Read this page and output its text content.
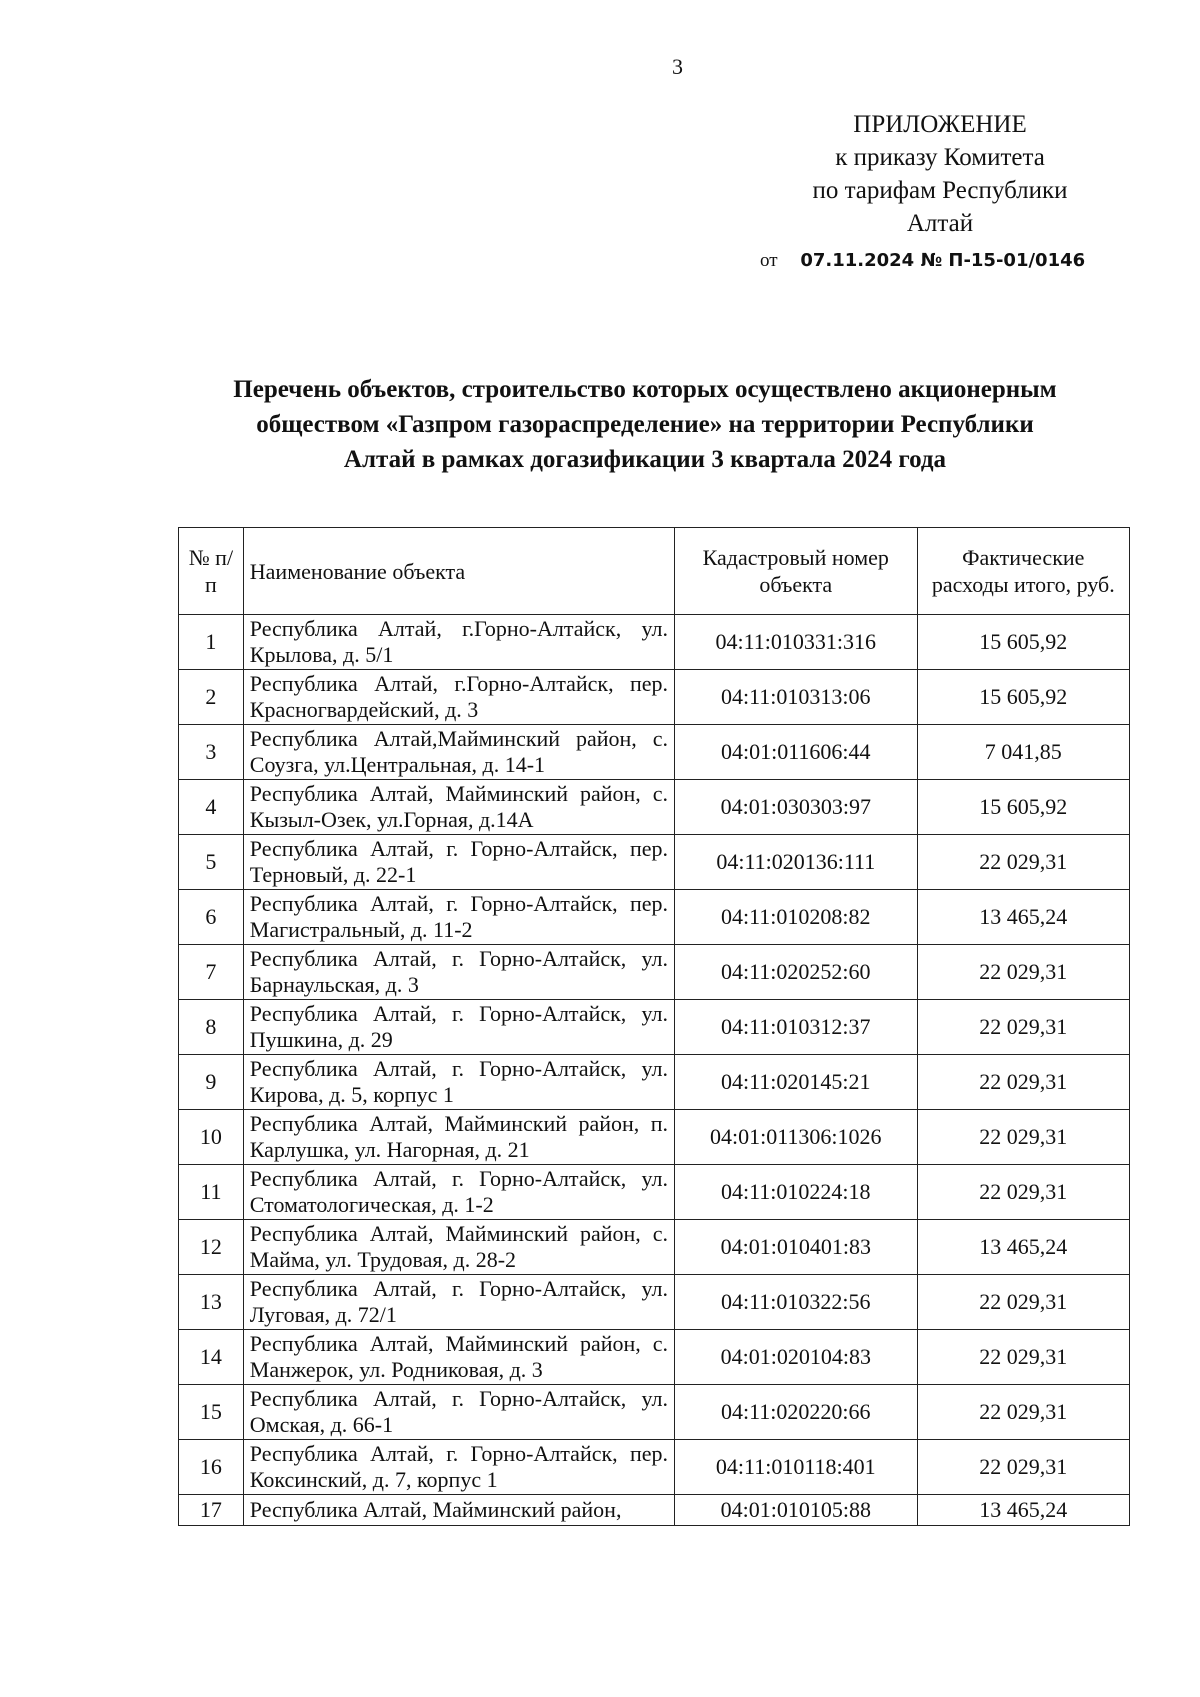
3
ПРИЛОЖЕНИЕ
к приказу Комитета
по тарифам Республики
Алтай
от 07.11.2024 № П-15-01/0146
Перечень объектов, строительство которых осуществлено акционерным
обществом «Газпром газораспределение» на территории Республики
Алтай в рамках догазификации 3 квартала 2024 года
№ п/п	Наименование объекта	Кадастровый номер объекта	Фактические расходы итого, руб.
1	Республика Алтай, г.Горно-Алтайск, ул. Крылова, д. 5/1	04:11:010331:316	15 605,92
2	Республика Алтай, г.Горно-Алтайск, пер. Красногвардейский, д. 3	04:11:010313:06	15 605,92
3	Республика Алтай,Майминский район, с. Соузга, ул.Центральная, д. 14-1	04:01:011606:44	7 041,85
4	Республика Алтай, Майминский район, с. Кызыл-Озек, ул.Горная, д.14А	04:01:030303:97	15 605,92
5	Республика Алтай, г. Горно-Алтайск, пер. Терновый, д. 22-1	04:11:020136:111	22 029,31
6	Республика Алтай, г. Горно-Алтайск, пер. Магистральный, д. 11-2	04:11:010208:82	13 465,24
7	Республика Алтай, г. Горно-Алтайск, ул. Барнаульская, д. 3	04:11:020252:60	22 029,31
8	Республика Алтай, г. Горно-Алтайск, ул. Пушкина, д. 29	04:11:010312:37	22 029,31
9	Республика Алтай, г. Горно-Алтайск, ул. Кирова, д. 5, корпус 1	04:11:020145:21	22 029,31
10	Республика Алтай, Майминский район, п. Карлушка, ул. Нагорная, д. 21	04:01:011306:1026	22 029,31
11	Республика Алтай, г. Горно-Алтайск, ул. Стоматологическая, д. 1-2	04:11:010224:18	22 029,31
12	Республика Алтай, Майминский район, с. Майма, ул. Трудовая, д. 28-2	04:01:010401:83	13 465,24
13	Республика Алтай, г. Горно-Алтайск, ул. Луговая, д. 72/1	04:11:010322:56	22 029,31
14	Республика Алтай, Майминский район, с. Манжерок, ул. Родниковая, д. 3	04:01:020104:83	22 029,31
15	Республика Алтай, г. Горно-Алтайск, ул. Омская, д. 66-1	04:11:020220:66	22 029,31
16	Республика Алтай, г. Горно-Алтайск, пер. Коксинский, д. 7, корпус 1	04:11:010118:401	22 029,31
17	Республика Алтай, Майминский район,	04:01:010105:88	13 465,24
